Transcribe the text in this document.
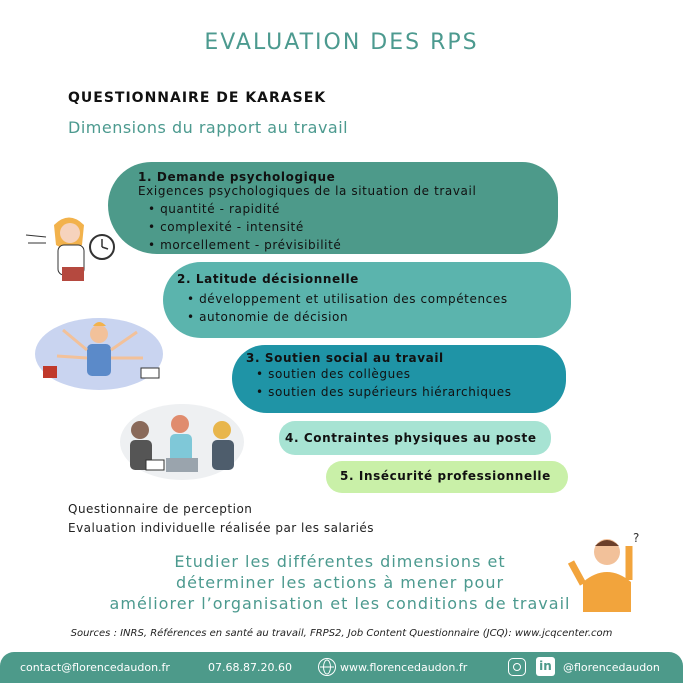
EVALUATION DES RPS
QUESTIONNAIRE DE KARASEK
Dimensions du rapport au travail
?
1. Demande psychologique
Exigences psychologiques de la situation de travail
• quantité - rapidité
• complexité - intensité
• morcellement - prévisibilité
2. Latitude décisionnelle
• développement et utilisation des compétences
• autonomie de décision
3. Soutien social au travail
• soutien des collègues
• soutien des supérieurs hiérarchiques
4. Contraintes physiques au poste
5. Insécurité professionnelle
Questionnaire de perception
Evaluation individuelle réalisée par les salariés
Etudier les différentes dimensions et
déterminer les actions à mener pour
améliorer l’organisation et les conditions de travail
Sources : INRS, Références en santé au travail, FRPS2, Job Content Questionnaire (JCQ): www.jcqcenter.com
contact@florencedaudon.fr	07.68.87.20.60	www.florencedaudon.fr	in @florencedaudon
